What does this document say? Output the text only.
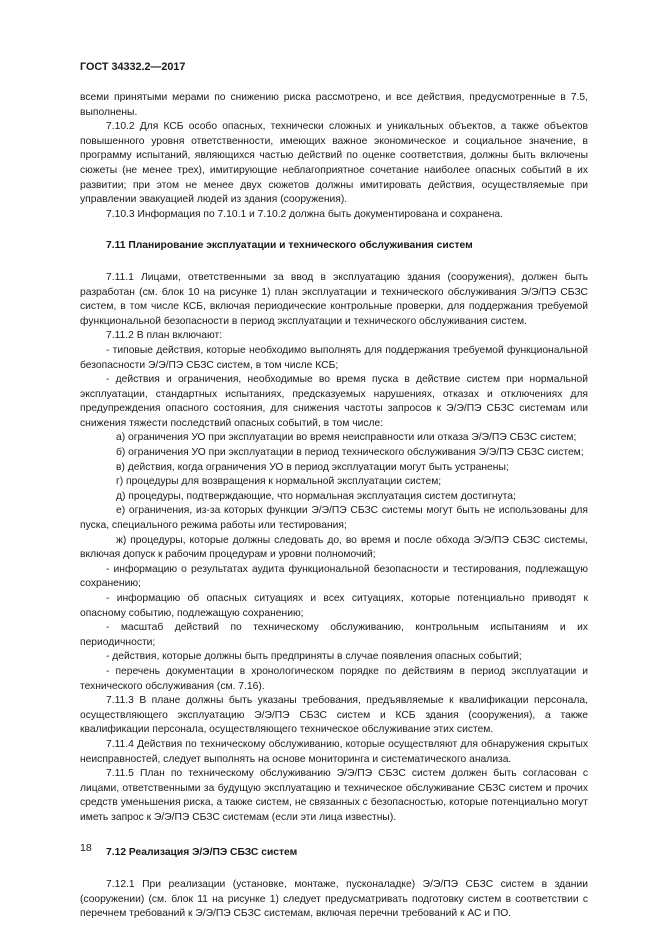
ГОСТ 34332.2—2017

всеми принятыми мерами по снижению риска рассмотрено, и все действия, предусмотренные в 7.5, выполнены.

7.10.2 Для КСБ особо опасных, технически сложных и уникальных объектов, а также объектов повышенного уровня ответственности, имеющих важное экономическое и социальное значение, в программу испытаний, являющихся частью действий по оценке соответствия, должны быть включены сюжеты (не менее трех), имитирующие неблагоприятное сочетание наиболее опасных событий в их развитии; при этом не менее двух сюжетов должны имитировать действия, осуществляемые при управлении эвакуацией людей из здания (сооружения).

7.10.3 Информация по 7.10.1 и 7.10.2 должна быть документирована и сохранена.

7.11 Планирование эксплуатации и технического обслуживания систем

7.11.1 Лицами, ответственными за ввод в эксплуатацию здания (сооружения), должен быть разработан (см. блок 10 на рисунке 1) план эксплуатации и технического обслуживания Э/Э/ПЭ СБЗС систем, в том числе КСБ, включая периодические контрольные проверки, для поддержания требуемой функциональной безопасности в период эксплуатации и технического обслуживания систем.

7.11.2 В план включают:

- типовые действия, которые необходимо выполнять для поддержания требуемой функциональной безопасности Э/Э/ПЭ СБЗС систем, в том числе КСБ;

- действия и ограничения, необходимые во время пуска в действие систем при нормальной эксплуатации, стандартных испытаниях, предсказуемых нарушениях, отказах и отключениях для предупреждения опасного состояния, для снижения частоты запросов к Э/Э/ПЭ СБЗС системам или снижения тяжести последствий опасных событий, в том числе:

а) ограничения УО при эксплуатации во время неисправности или отказа Э/Э/ПЭ СБЗС систем;

б) ограничения УО при эксплуатации в период технического обслуживания Э/Э/ПЭ СБЗС систем;

в) действия, когда ограничения УО в период эксплуатации могут быть устранены;

г) процедуры для возвращения к нормальной эксплуатации систем;

д) процедуры, подтверждающие, что нормальная эксплуатация систем достигнута;

е) ограничения, из-за которых функции Э/Э/ПЭ СБЗС системы могут быть не использованы для пуска, специального режима работы или тестирования;

ж) процедуры, которые должны следовать до, во время и после обхода Э/Э/ПЭ СБЗС системы, включая допуск к рабочим процедурам и уровни полномочий;

- информацию о результатах аудита функциональной безопасности и тестирования, подлежащую сохранению;

- информацию об опасных ситуациях и всех ситуациях, которые потенциально приводят к опасному событию, подлежащую сохранению;

- масштаб действий по техническому обслуживанию, контрольным испытаниям и их периодичности;

- действия, которые должны быть предприняты в случае появления опасных событий;

- перечень документации в хронологическом порядке по действиям в период эксплуатации и технического обслуживания (см. 7.16).

7.11.3 В плане должны быть указаны требования, предъявляемые к квалификации персонала, осуществляющего эксплуатацию Э/Э/ПЭ СБЗС систем и КСБ здания (сооружения), а также квалификации персонала, осуществляющего техническое обслуживание этих систем.

7.11.4 Действия по техническому обслуживанию, которые осуществляют для обнаружения скрытых неисправностей, следует выполнять на основе мониторинга и систематического анализа.

7.11.5 План по техническому обслуживанию Э/Э/ПЭ СБЗС систем должен быть согласован с лицами, ответственными за будущую эксплуатацию и техническое обслуживание СБЗС систем и прочих средств уменьшения риска, а также систем, не связанных с безопасностью, которые потенциально могут иметь запрос к Э/Э/ПЭ СБЗС системам (если эти лица известны).

7.12 Реализация Э/Э/ПЭ СБЗС систем

7.12.1 При реализации (установке, монтаже, пусконаладке) Э/Э/ПЭ СБЗС систем в здании (сооружении) (см. блок 11 на рисунке 1) следует предусматривать подготовку систем в соответствии с перечнем требований к Э/Э/ПЭ СБЗС системам, включая перечни требований к АС и ПО.

18
